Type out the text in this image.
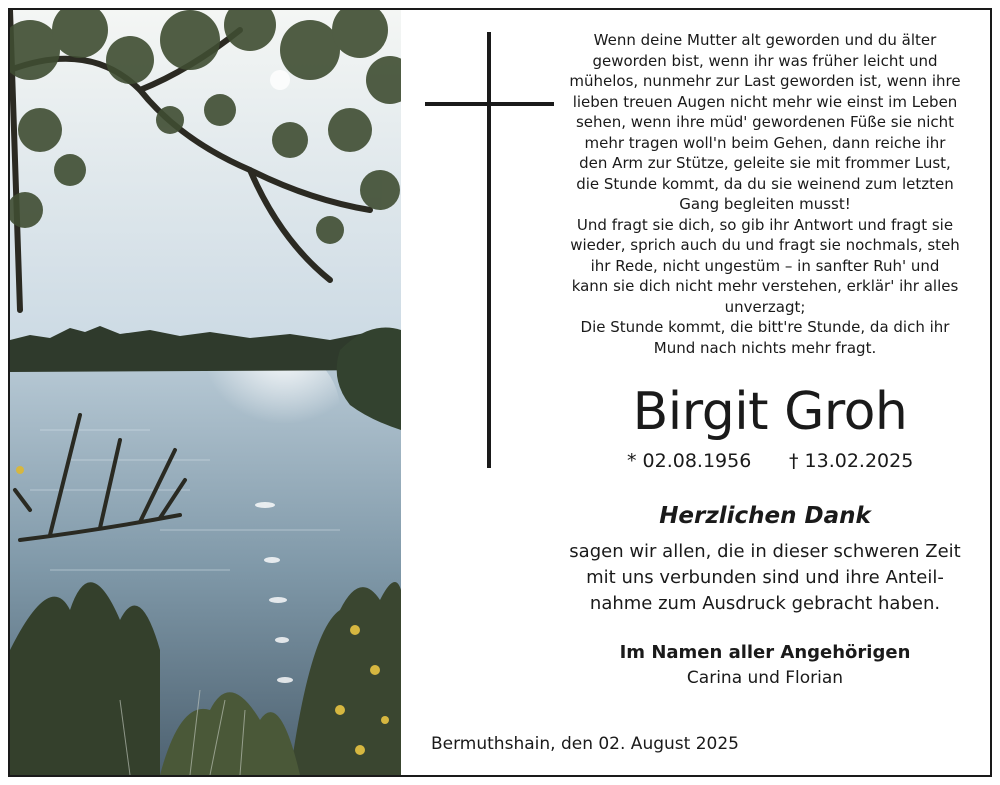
Wenn deine Mutter alt geworden und du älter
geworden bist, wenn ihr was früher leicht und
mühelos, nunmehr zur Last geworden ist, wenn ihre
lieben treuen Augen nicht mehr wie einst im Leben
sehen, wenn ihre müd' gewordenen Füße sie nicht
mehr tragen woll'n beim Gehen, dann reiche ihr
den Arm zur Stütze, geleite sie mit frommer Lust,
die Stunde kommt, da du sie weinend zum letzten
Gang begleiten musst!
Und fragt sie dich, so gib ihr Antwort und fragt sie
wieder, sprich auch du und fragt sie nochmals, steh
ihr Rede, nicht ungestüm – in sanfter Ruh' und
kann sie dich nicht mehr verstehen, erklär' ihr alles
unverzagt;
Die Stunde kommt, die bitt're Stunde, da dich ihr
Mund nach nichts mehr fragt.
Birgit Groh
* 02.08.1956 † 13.02.2025
Herzlichen Dank
sagen wir allen, die in dieser schweren Zeit
mit uns verbunden sind und ihre Anteil-
nahme zum Ausdruck gebracht haben.
Im Namen aller Angehörigen
Carina und Florian
Bermuthshain, den 02. August 2025
